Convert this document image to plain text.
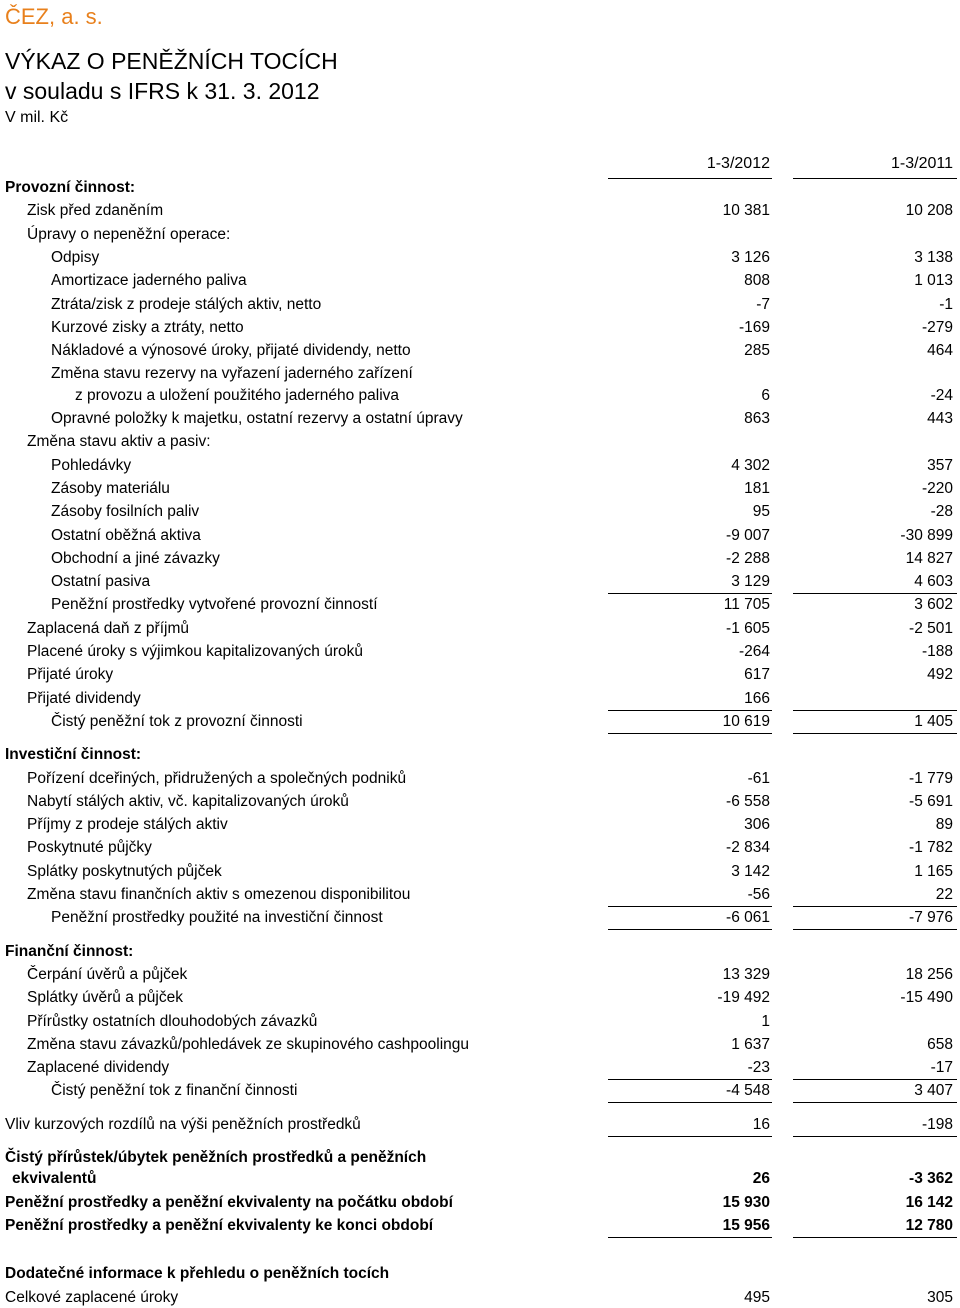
ČEZ, a. s.
VÝKAZ O PENĚŽNÍCH TOCÍCH
v souladu s IFRS k 31. 3. 2012
V mil. Kč
1-3/2012	1-3/2011
Provozní činnost:
Zisk před zdaněním	10 381	10 208
Úpravy o nepeněžní operace:
Odpisy	3 126	3 138
Amortizace jaderného paliva	808	1 013
Ztráta/zisk z prodeje stálých aktiv, netto	-7	-1
Kurzové zisky a ztráty, netto	-169	-279
Nákladové a výnosové úroky, přijaté dividendy, netto	285	464
Změna stavu rezervy na vyřazení jaderného zařízení
z provozu a uložení použitého jaderného paliva	6	-24
Opravné položky k majetku, ostatní rezervy a ostatní úpravy	863	443
Změna stavu aktiv a pasiv:
Pohledávky	4 302	357
Zásoby materiálu	181	-220
Zásoby fosilních paliv	95	-28
Ostatní oběžná aktiva	-9 007	-30 899
Obchodní a jiné závazky	-2 288	14 827
Ostatní pasiva	3 129	4 603
Peněžní prostředky vytvořené provozní činností	11 705	3 602
Zaplacená daň z příjmů	-1 605	-2 501
Placené úroky s výjimkou kapitalizovaných úroků	-264	-188
Přijaté úroky	617	492
Přijaté dividendy	166
Čistý peněžní tok z provozní činnosti	10 619	1 405
Investiční činnost:
Pořízení dceřiných, přidružených a společných podniků	-61	-1 779
Nabytí stálých aktiv, vč. kapitalizovaných úroků	-6 558	-5 691
Příjmy z prodeje stálých aktiv	306	89
Poskytnuté půjčky	-2 834	-1 782
Splátky poskytnutých půjček	3 142	1 165
Změna stavu finančních aktiv s omezenou disponibilitou	-56	22
Peněžní prostředky použité na investiční činnost	-6 061	-7 976
Finanční činnost:
Čerpání úvěrů a půjček	13 329	18 256
Splátky úvěrů a půjček	-19 492	-15 490
Přírůstky ostatních dlouhodobých závazků	1
Změna stavu závazků/pohledávek ze skupinového cashpoolingu	1 637	658
Zaplacené dividendy	-23	-17
Čistý peněžní tok z finanční činnosti	-4 548	3 407
Vliv kurzových rozdílů na výši peněžních prostředků	16	-198
Čistý přírůstek/úbytek peněžních prostředků a peněžních
ekvivalentů	26	-3 362
Peněžní prostředky a peněžní ekvivalenty na počátku období	15 930	16 142
Peněžní prostředky a peněžní ekvivalenty ke konci období	15 956	12 780
Dodatečné informace k přehledu o peněžních tocích
Celkové zaplacené úroky	495	305
